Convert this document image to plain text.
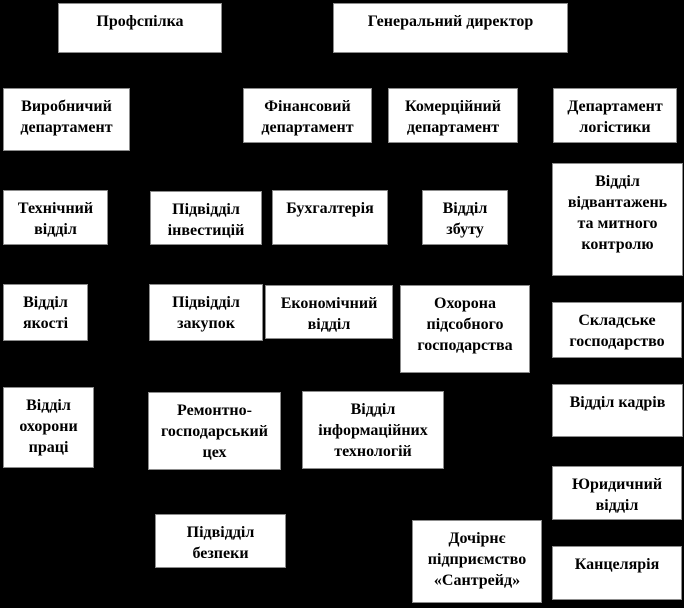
Профспілка	Генеральний директор
Виробничий
департамент
Фінансовий
департамент
Комерційний
департамент
Департамент
логістики
Технічний
відділ
Підвідділ
інвестицій
Бухгалтерія	Відділ
збуту
Відділ
відвантажень
та митного
контролю
Відділ
якості
Підвідділ
закупок
Економічний
відділ
Охорона
підсобного
господарства
Складське
господарство
Відділ кадрів
Відділ
охорони
праці
Ремонтно-
господарський
цех
Відділ
інформаційних
технологій
Юридичний
відділ
Підвідділ
безпеки
Дочірнє
підприємство
«Сантрейд»
Канцелярія
